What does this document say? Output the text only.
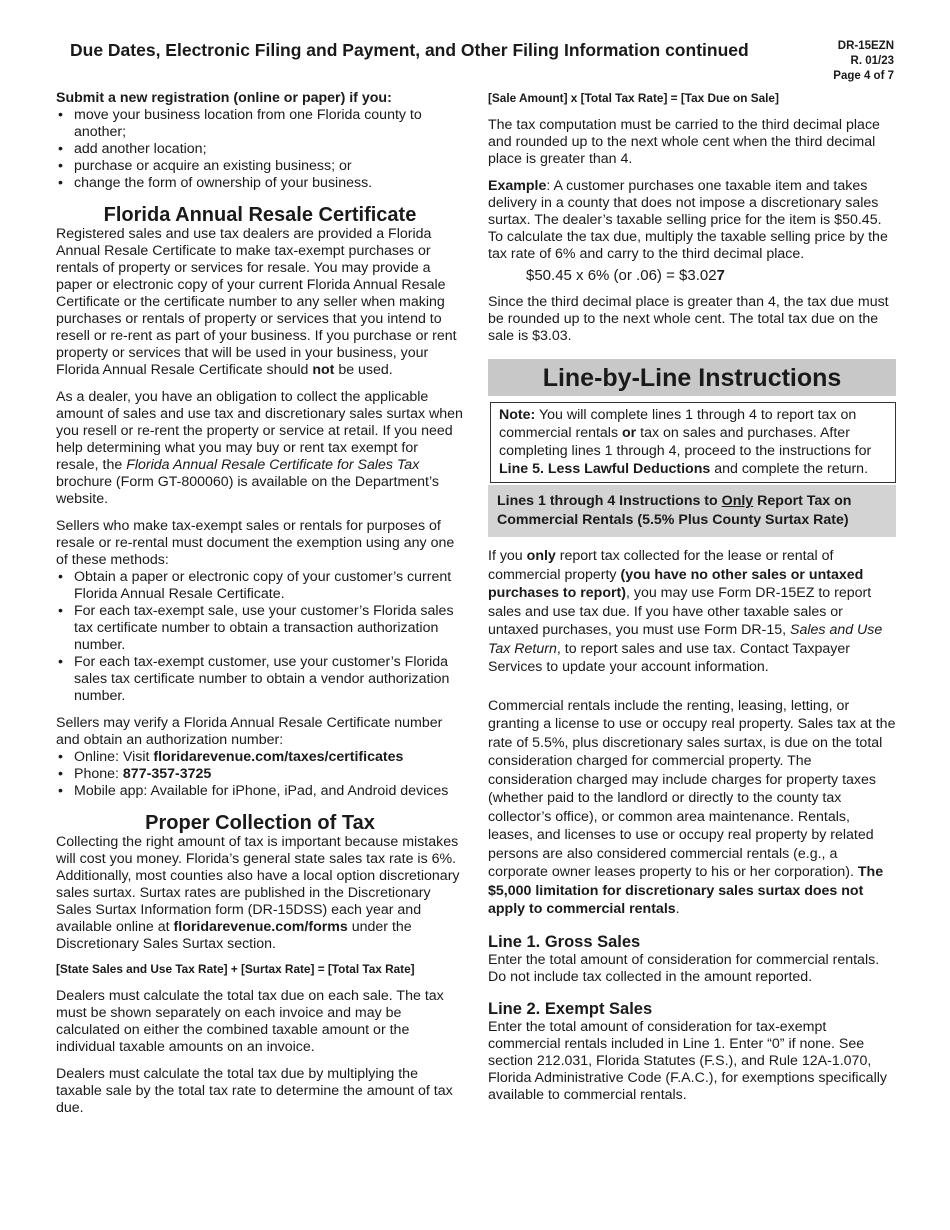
Due Dates, Electronic Filing and Payment, and Other Filing Information continued	DR-15EZN
R. 01/23
Page 4 of 7

Submit a new registration (online or paper) if you:

• move your business location from one Florida county to another;
• add another location;
• purchase or acquire an existing business; or
• change the form of ownership of your business.
Florida Annual Resale Certificate

Registered sales and use tax dealers are provided a Florida Annual Resale Certificate to make tax-exempt purchases or rentals of property or services for resale. You may provide a paper or electronic copy of your current Florida Annual Resale Certificate or the certificate number to any seller when making purchases or rentals of property or services that you intend to resell or re-rent as part of your business. If you purchase or rent property or services that will be used in your business, your Florida Annual Resale Certificate should not be used.

As a dealer, you have an obligation to collect the applicable amount of sales and use tax and discretionary sales surtax when you resell or re-rent the property or service at retail. If you need help determining what you may buy or rent tax exempt for resale, the Florida Annual Resale Certificate for Sales Tax brochure (Form GT-800060) is available on the Department’s website.

Sellers who make tax-exempt sales or rentals for purposes of resale or re-rental must document the exemption using any one of these methods:

• Obtain a paper or electronic copy of your customer’s current Florida Annual Resale Certificate.
• For each tax-exempt sale, use your customer’s Florida sales tax certificate number to obtain a transaction authorization number.
• For each tax-exempt customer, use your customer’s Florida sales tax certificate number to obtain a vendor authorization number.

Sellers may verify a Florida Annual Resale Certificate number and obtain an authorization number:

• Online: Visit floridarevenue.com/taxes/certificates
• Phone: 877-357-3725
• Mobile app: Available for iPhone, iPad, and Android devices
Proper Collection of Tax

Collecting the right amount of tax is important because mistakes will cost you money. Florida’s general state sales tax rate is 6%. Additionally, most counties also have a local option discretionary sales surtax. Surtax rates are published in the Discretionary Sales Surtax Information form (DR-15DSS) each year and available online at floridarevenue.com/forms under the Discretionary Sales Surtax section.

[State Sales and Use Tax Rate] + [Surtax Rate] = [Total Tax Rate]

Dealers must calculate the total tax due on each sale. The tax must be shown separately on each invoice and may be calculated on either the combined taxable amount or the individual taxable amounts on an invoice.

Dealers must calculate the total tax due by multiplying the taxable sale by the total tax rate to determine the amount of tax due.

[Sale Amount] x [Total Tax Rate] = [Tax Due on Sale]

The tax computation must be carried to the third decimal place and rounded up to the next whole cent when the third decimal place is greater than 4.

Example: A customer purchases one taxable item and takes delivery in a county that does not impose a discretionary sales surtax. The dealer’s taxable selling price for the item is $50.45. To calculate the tax due, multiply the taxable selling price by the tax rate of 6% and carry to the third decimal place.

$50.45 x 6% (or .06) = $3.027

Since the third decimal place is greater than 4, the tax due must be rounded up to the next whole cent. The total tax due on the sale is $3.03.

Line-by-Line Instructions
Note: You will complete lines 1 through 4 to report tax on commercial rentals or tax on sales and purchases. After completing lines 1 through 4, proceed to the instructions for Line 5. Less Lawful Deductions and complete the return.
Lines 1 through 4 Instructions to Only Report Tax on Commercial Rentals (5.5% Plus County Surtax Rate)

If you only report tax collected for the lease or rental of commercial property (you have no other sales or untaxed purchases to report), you may use Form DR-15EZ to report sales and use tax due. If you have other taxable sales or untaxed purchases, you must use Form DR-15, Sales and Use Tax Return, to report sales and use tax. Contact Taxpayer Services to update your account information.

Commercial rentals include the renting, leasing, letting, or granting a license to use or occupy real property. Sales tax at the rate of 5.5%, plus discretionary sales surtax, is due on the total consideration charged for commercial property. The consideration charged may include charges for property taxes (whether paid to the landlord or directly to the county tax collector’s office), or common area maintenance. Rentals, leases, and licenses to use or occupy real property by related persons are also considered commercial rentals (e.g., a corporate owner leases property to his or her corporation). The $5,000 limitation for discretionary sales surtax does not apply to commercial rentals.

Line 1. Gross Sales

Enter the total amount of consideration for commercial rentals. Do not include tax collected in the amount reported.

Line 2. Exempt Sales

Enter the total amount of consideration for tax-exempt commercial rentals included in Line 1. Enter “0” if none. See section 212.031, Florida Statutes (F.S.), and Rule 12A-1.070, Florida Administrative Code (F.A.C.), for exemptions specifically available to commercial rentals.
